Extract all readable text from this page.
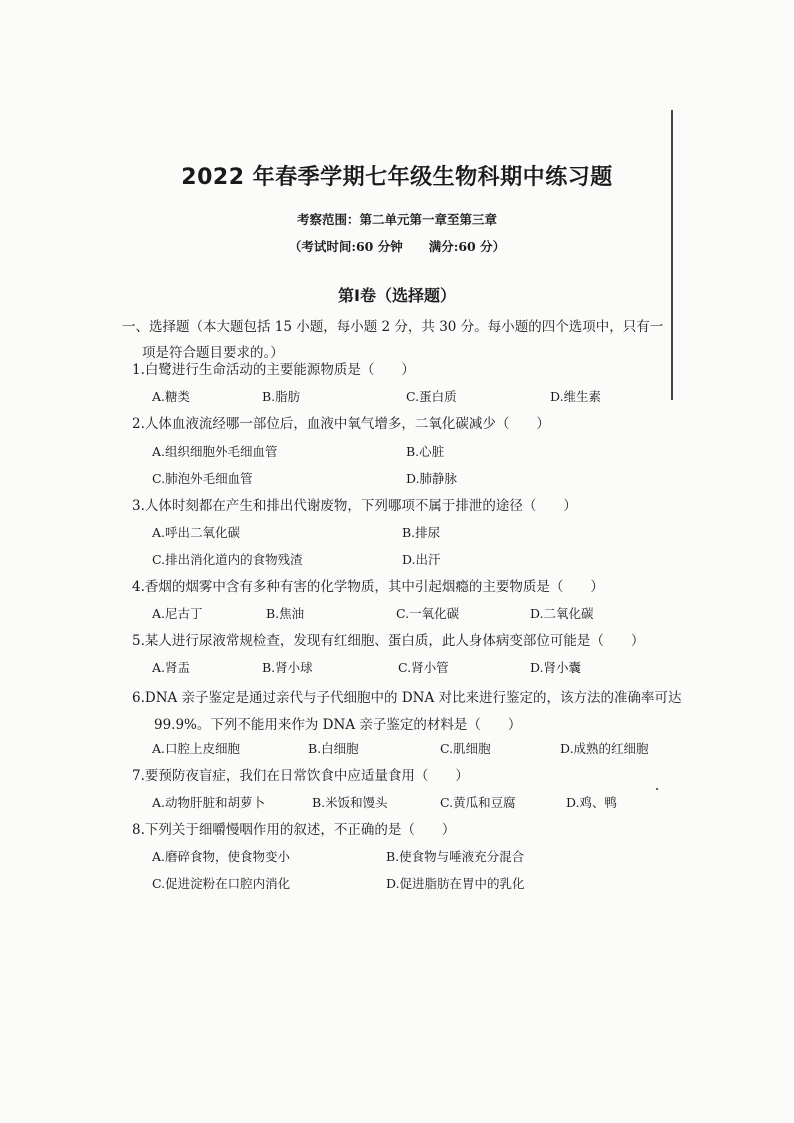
2022 年春季学期七年级生物科期中练习题
考察范围：第二单元第一章至第三章
（考试时间:60 分钟 满分:60 分）
第Ⅰ卷（选择题）
一、选择题（本大题包括 15 小题，每小题 2 分，共 30 分。每小题的四个选项中，只有一
项是符合题目要求的。）
1.白鹭进行生命活动的主要能源物质是（　　）
A.糖类	B.脂肪	C.蛋白质	D.维生素
2.人体血液流经哪一部位后，血液中氧气增多，二氧化碳减少（　　）
A.组织细胞外毛细血管	B.心脏
C.肺泡外毛细血管	D.肺静脉
3.人体时刻都在产生和排出代谢废物，下列哪项不属于排泄的途径（　　）
A.呼出二氧化碳	B.排尿
C.排出消化道内的食物残渣	D.出汗
4.香烟的烟雾中含有多种有害的化学物质，其中引起烟瘾的主要物质是（　　）
A.尼古丁	B.焦油	C.一氧化碳	D.二氧化碳
5.某人进行尿液常规检查，发现有红细胞、蛋白质，此人身体病变部位可能是（　　）
A.肾盂	B.肾小球	C.肾小管	D.肾小囊
6.DNA 亲子鉴定是通过亲代与子代细胞中的 DNA 对比来进行鉴定的，该方法的准确率可达
99.9%。下列不能用来作为 DNA 亲子鉴定的材料是（　　）
A.口腔上皮细胞	B.白细胞	C.肌细胞	D.成熟的红细胞
7.要预防夜盲症，我们在日常饮食中应适量食用（　　）
A.动物肝脏和胡萝卜	B.米饭和馒头	C.黄瓜和豆腐	D.鸡、鸭
8.下列关于细嚼慢咽作用的叙述，不正确的是（　　）
A.磨碎食物，使食物变小	B.使食物与唾液充分混合
C.促进淀粉在口腔内消化	D.促进脂肪在胃中的乳化
